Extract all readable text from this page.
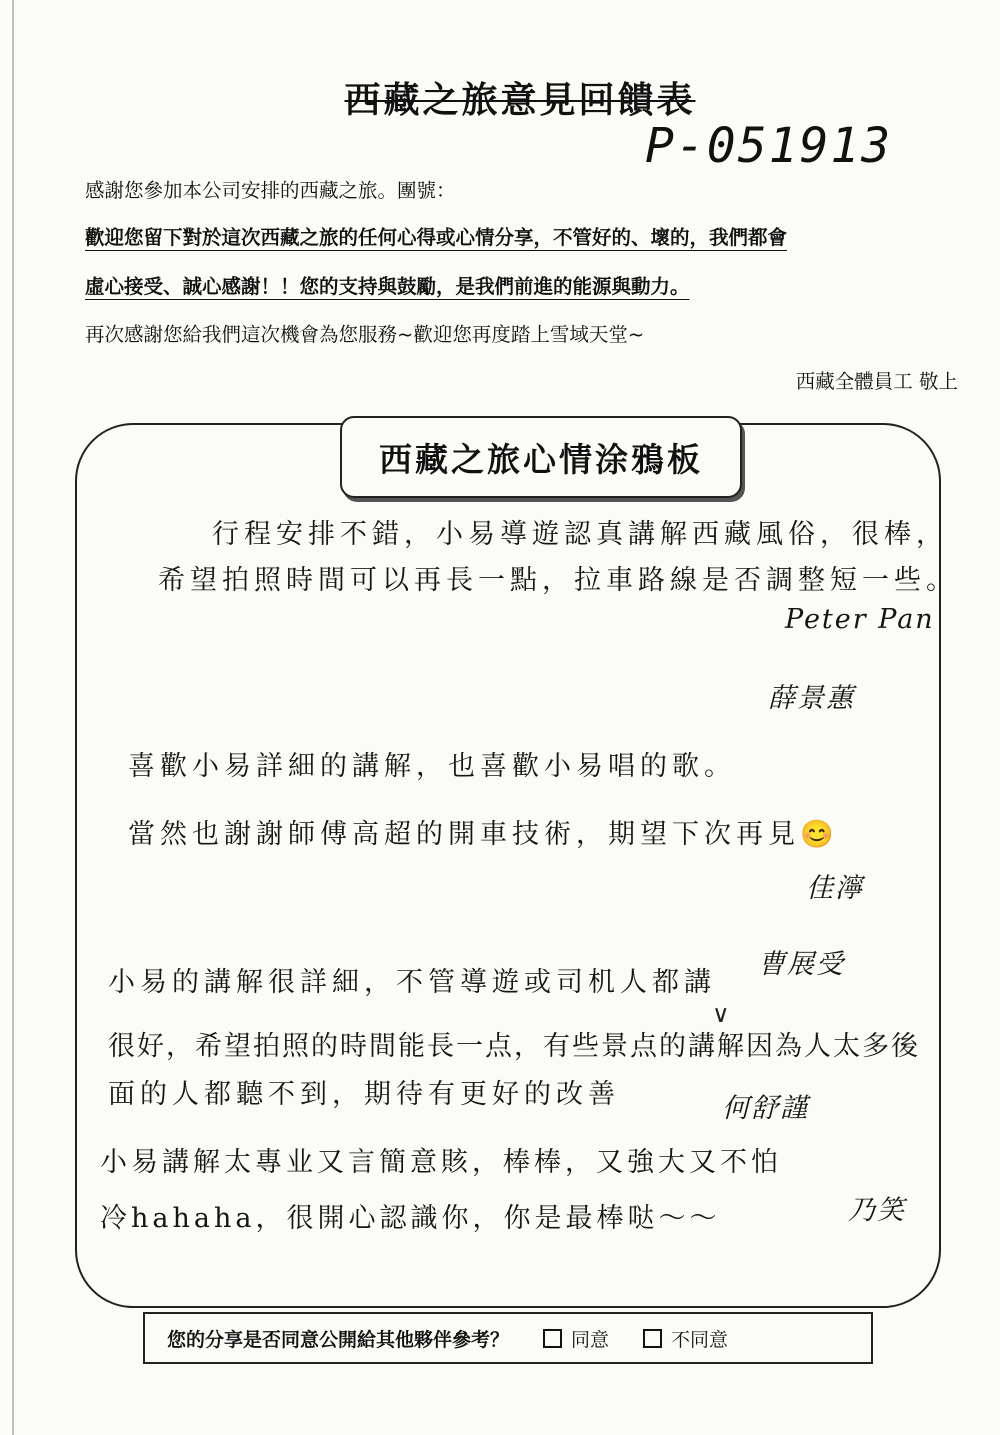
西藏之旅意見回饋表
P-051913
感謝您參加本公司安排的西藏之旅。團號：
歡迎您留下對於這次西藏之旅的任何心得或心情分享，不管好的、壞的，我們都會
虛心接受、誠心感謝！！您的支持與鼓勵，是我們前進的能源與動力。
再次感謝您給我們這次機會為您服務~歡迎您再度踏上雪域天堂~
西藏全體員工 敬上
西藏之旅心情涂鴉板
行程安排不錯，小易導遊認真講解西藏風俗，很棒，
希望拍照時間可以再長一點，拉車路線是否調整短一些。
Peter Pan
薛景蕙
喜歡小易詳細的講解，也喜歡小易唱的歌。
當然也謝謝師傅高超的開車技術，期望下次再見😊
佳濘
小易的講解很詳細，不管導遊或司机人都講
曹展受
∨
很好，希望拍照的時間能長一点，有些景点的講解因為人太多後
面的人都聽不到，期待有更好的改善	何舒謹
小易講解太專业又言簡意賅，棒棒，又強大又不怕
冷hahaha，很開心認識你，你是最棒哒～～	乃笑
您的分享是否同意公開給其他夥伴參考？	同意	不同意
